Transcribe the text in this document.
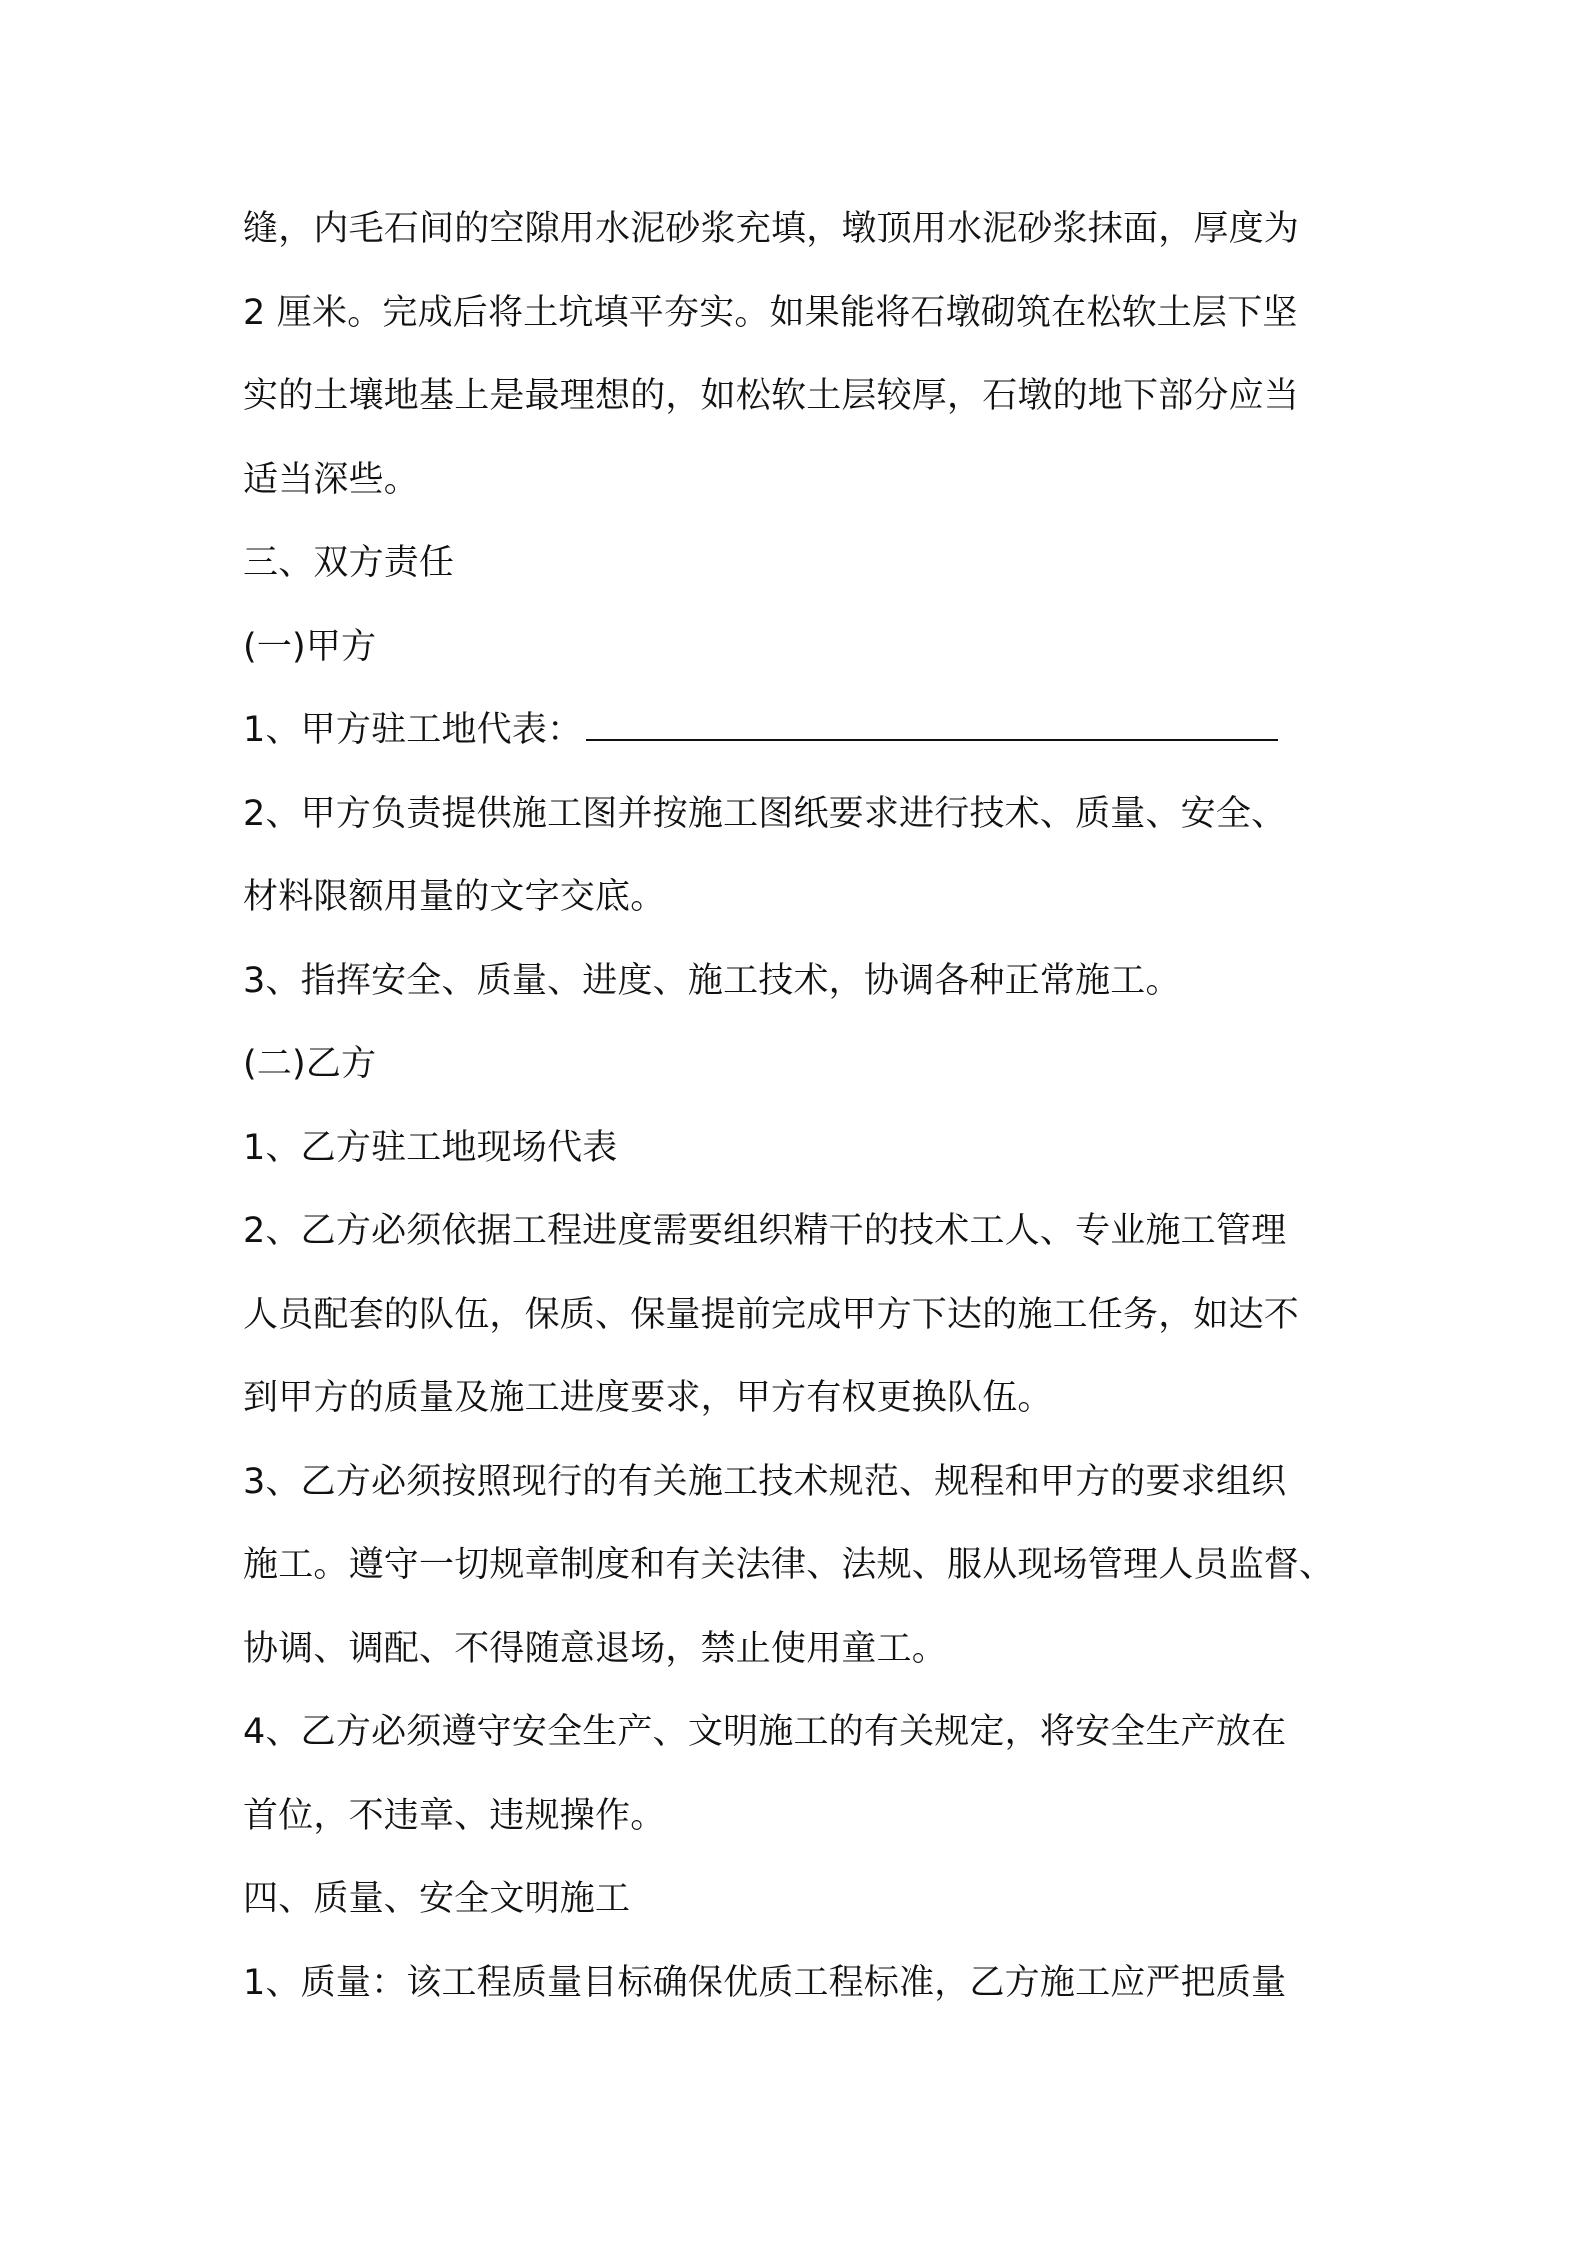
缝，内毛石间的空隙用水泥砂浆充填，墩顶用水泥砂浆抹面，厚度为

2 厘米。完成后将土坑填平夯实。如果能将石墩砌筑在松软土层下坚

实的土壤地基上是最理想的，如松软土层较厚，石墩的地下部分应当

适当深些。

三、双方责任

(一)甲方

1、甲方驻工地代表：

2、甲方负责提供施工图并按施工图纸要求进行技术、质量、安全、

材料限额用量的文字交底。

3、指挥安全、质量、进度、施工技术，协调各种正常施工。

(二)乙方

1、乙方驻工地现场代表

2、乙方必须依据工程进度需要组织精干的技术工人、专业施工管理

人员配套的队伍，保质、保量提前完成甲方下达的施工任务，如达不

到甲方的质量及施工进度要求，甲方有权更换队伍。

3、乙方必须按照现行的有关施工技术规范、规程和甲方的要求组织

施工。遵守一切规章制度和有关法律、法规、服从现场管理人员监督、

协调、调配、不得随意退场，禁止使用童工。

4、乙方必须遵守安全生产、文明施工的有关规定，将安全生产放在

首位，不违章、违规操作。

四、质量、安全文明施工

1、质量：该工程质量目标确保优质工程标准，乙方施工应严把质量
